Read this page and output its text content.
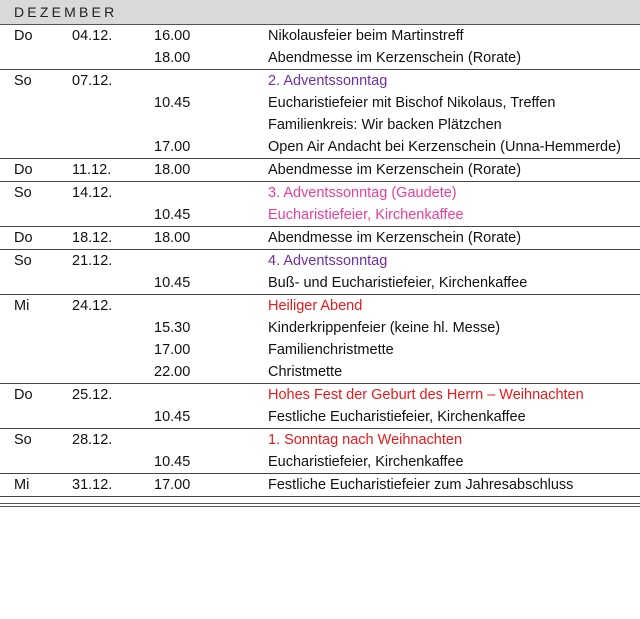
DEZEMBER
Do	04.12.	16.00	Nikolausfeier beim Martinstreff
18.00	Abendmesse im Kerzenschein (Rorate)
So	07.12.	2. Adventssonntag
10.45	Eucharistiefeier mit Bischof Nikolaus, Treffen Familienkreis: Wir backen Plätzchen
17.00	Open Air Andacht bei Kerzenschein (Unna-Hemmerde)
Do	11.12.	18.00	Abendmesse im Kerzenschein (Rorate)
So	14.12.	3. Adventssonntag (Gaudete)
10.45	Eucharistiefeier, Kirchenkaffee
Do	18.12.	18.00	Abendmesse im Kerzenschein (Rorate)
So	21.12.	4. Adventssonntag
10.45	Buß- und Eucharistiefeier, Kirchenkaffee
Mi	24.12.	Heiliger Abend
15.30	Kinderkrippenfeier (keine hl. Messe)
17.00	Familienchristmette
22.00	Christmette
Do	25.12.	Hohes Fest der Geburt des Herrn – Weihnachten
10.45	Festliche Eucharistiefeier, Kirchenkaffee
So	28.12.	1. Sonntag nach Weihnachten
10.45	Eucharistiefeier, Kirchenkaffee
Mi	31.12.	17.00	Festliche Eucharistiefeier zum Jahresabschluss
